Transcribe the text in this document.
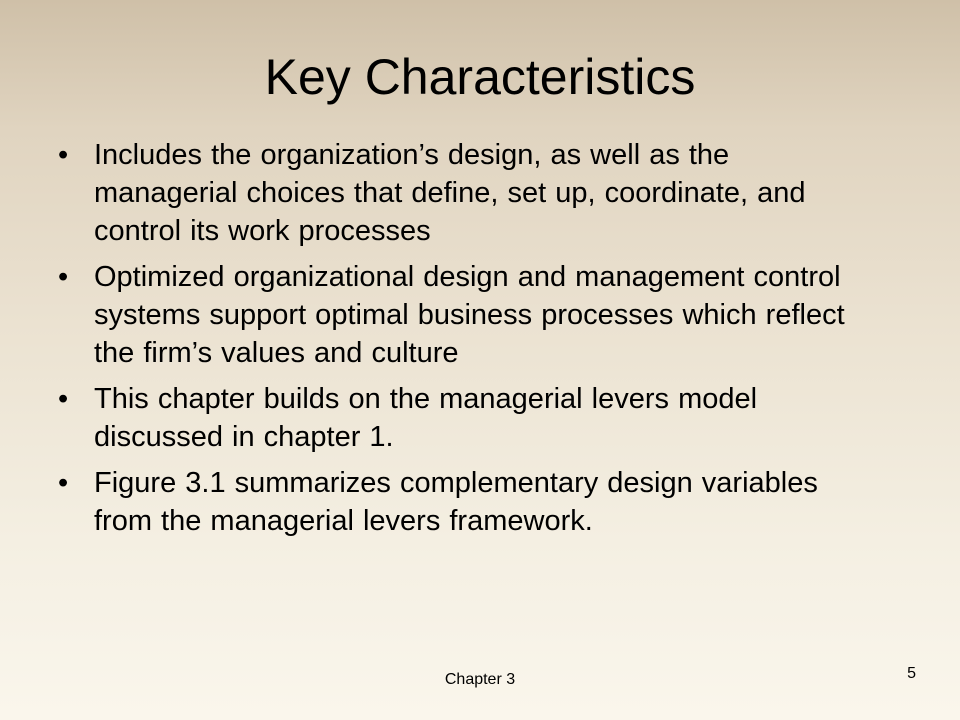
Key Characteristics
• Includes the organization’s design, as well as the managerial choices that define, set up, coordinate, and control its work processes
• Optimized organizational design and management control systems support optimal business processes which reflect the firm’s values and culture
• This chapter builds on the managerial levers model discussed in chapter 1.
• Figure 3.1 summarizes complementary design variables from the managerial levers framework.
Chapter 3	5
